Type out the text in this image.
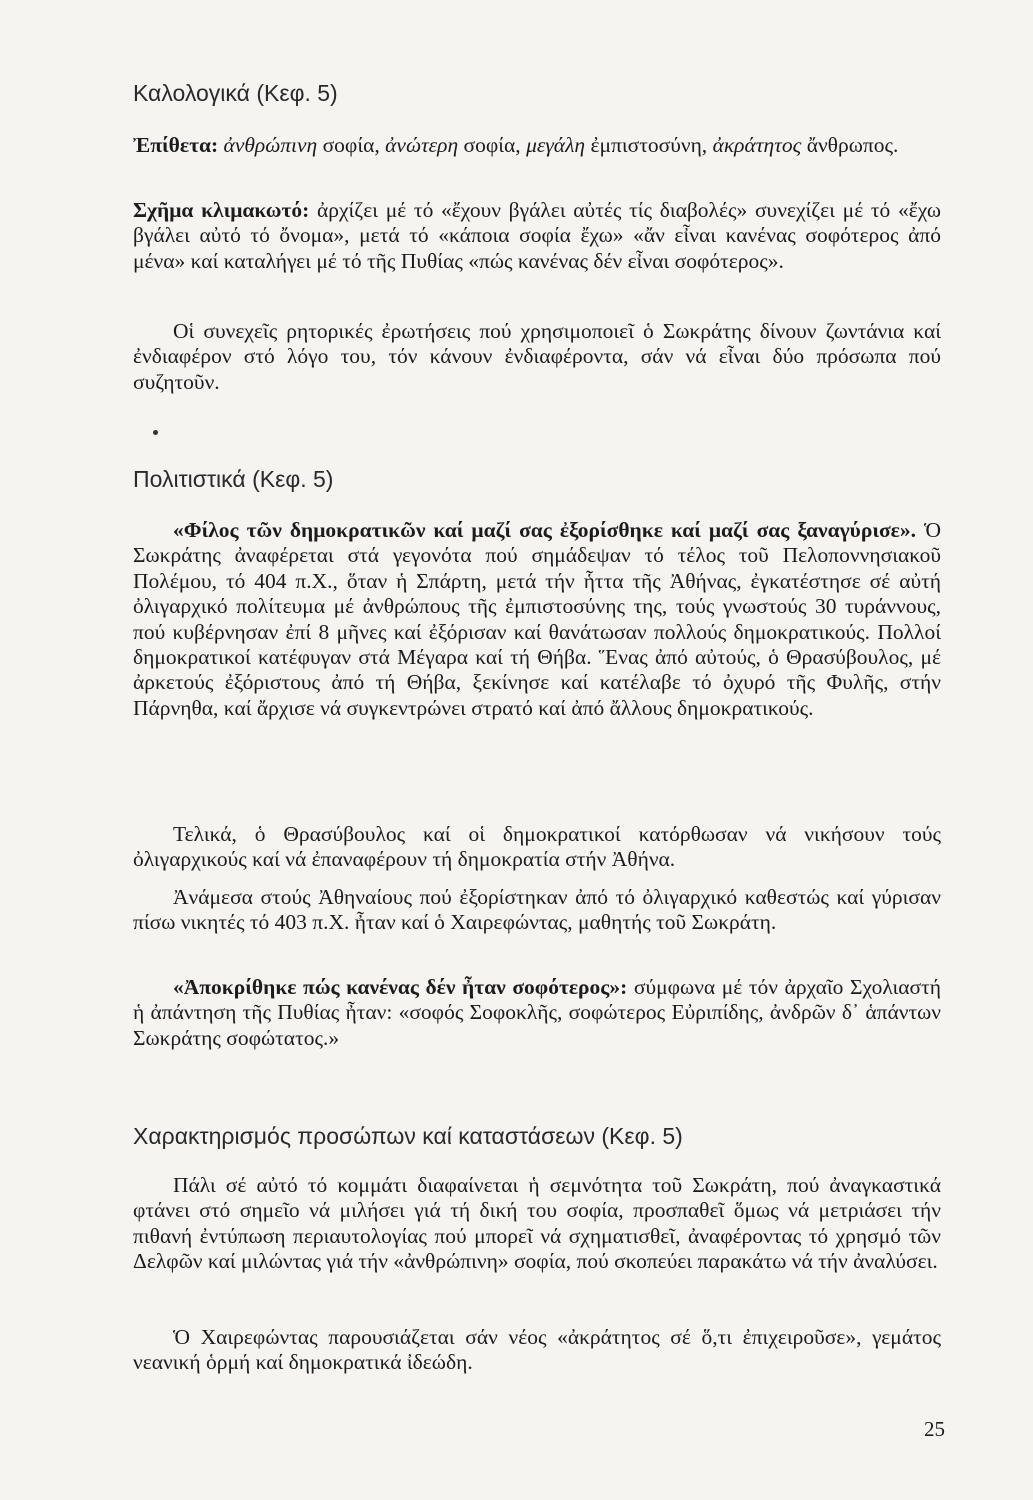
Καλολογικά (Κεφ. 5)

Ἐπίθετα: ἀνθρώπινη σοφία, ἀνώτερη σοφία, μεγάλη ἐμπιστοσύνη, ἀκράτητος ἄνθρωπος.

Σχῆμα κλιμακωτό: ἀρχίζει μέ τό «ἔχουν βγάλει αὐτές τίς διαβολές» συνεχίζει μέ τό «ἔχω βγάλει αὐτό τό ὄνομα», μετά τό «κάποια σοφία ἔχω» «ἄν εἶναι κανένας σοφότερος ἀπό μένα» καί καταλήγει μέ τό τῆς Πυθίας «πώς κανένας δέν εἶναι σοφότερος».

Οἱ συνεχεῖς ρητορικές ἐρωτήσεις πού χρησιμοποιεῖ ὁ Σωκράτης δίνουν ζωντάνια καί ἐνδιαφέρον στό λόγο του, τόν κάνουν ἐνδιαφέροντα, σάν νά εἶναι δύο πρόσωπα πού συζητοῦν.

Πολιτιστικά (Κεφ. 5)

«Φίλος τῶν δημοκρατικῶν καί μαζί σας ἐξορίσθηκε καί μαζί σας ξαναγύρισε». Ὁ Σωκράτης ἀναφέρεται στά γεγονότα πού σημάδεψαν τό τέλος τοῦ Πελοποννησιακοῦ Πολέμου, τό 404 π.Χ., ὅταν ἡ Σπάρτη, μετά τήν ἧττα τῆς Ἀθήνας, ἐγκατέστησε σέ αὐτή ὀλιγαρχικό πολίτευμα μέ ἀνθρώπους τῆς ἐμπιστοσύνης της, τούς γνωστούς 30 τυράννους, πού κυβέρνησαν ἐπί 8 μῆνες καί ἐξόρισαν καί θανάτωσαν πολλούς δημοκρατικούς. Πολλοί δημοκρατικοί κατέφυγαν στά Μέγαρα καί τή Θήβα. Ἕνας ἀπό αὐτούς, ὁ Θρασύβουλος, μέ ἀρκετούς ἐξόριστους ἀπό τή Θήβα, ξεκίνησε καί κατέλαβε τό ὀχυρό τῆς Φυλῆς, στήν Πάρνηθα, καί ἄρχισε νά συγκεντρώνει στρατό καί ἀπό ἄλλους δημοκρατικούς.

Τελικά, ὁ Θρασύβουλος καί οἱ δημοκρατικοί κατόρθωσαν νά νικήσουν τούς ὀλιγαρχικούς καί νά ἐπαναφέρουν τή δημοκρατία στήν Ἀθήνα.

Ἀνάμεσα στούς Ἀθηναίους πού ἐξορίστηκαν ἀπό τό ὀλιγαρχικό καθεστώς καί γύρισαν πίσω νικητές τό 403 π.Χ. ἦταν καί ὁ Χαιρεφώντας, μαθητής τοῦ Σωκράτη.

«Ἀποκρίθηκε πώς κανένας δέν ἦταν σοφότερος»: σύμφωνα μέ τόν ἀρχαῖο Σχολιαστή ἡ ἀπάντηση τῆς Πυθίας ἦταν: «σοφός Σοφοκλῆς, σοφώτερος Εὐριπίδης, ἀνδρῶν δ᾽ ἁπάντων Σωκράτης σοφώτατος.»

Χαρακτηρισμός προσώπων καί καταστάσεων (Κεφ. 5)

Πάλι σέ αὐτό τό κομμάτι διαφαίνεται ἡ σεμνότητα τοῦ Σωκράτη, πού ἀναγκαστικά φτάνει στό σημεῖο νά μιλήσει γιά τή δική του σοφία, προσπαθεῖ ὅμως νά μετριάσει τήν πιθανή ἐντύπωση περιαυτολογίας πού μπορεῖ νά σχηματισθεῖ, ἀναφέροντας τό χρησμό τῶν Δελφῶν καί μιλώντας γιά τήν «ἀνθρώπινη» σοφία, πού σκοπεύει παρακάτω νά τήν ἀναλύσει.

Ὁ Χαιρεφώντας παρουσιάζεται σάν νέος «ἀκράτητος σέ ὅ,τι ἐπιχειροῦσε», γεμάτος νεανική ὁρμή καί δημοκρατικά ἰδεώδη.

25
